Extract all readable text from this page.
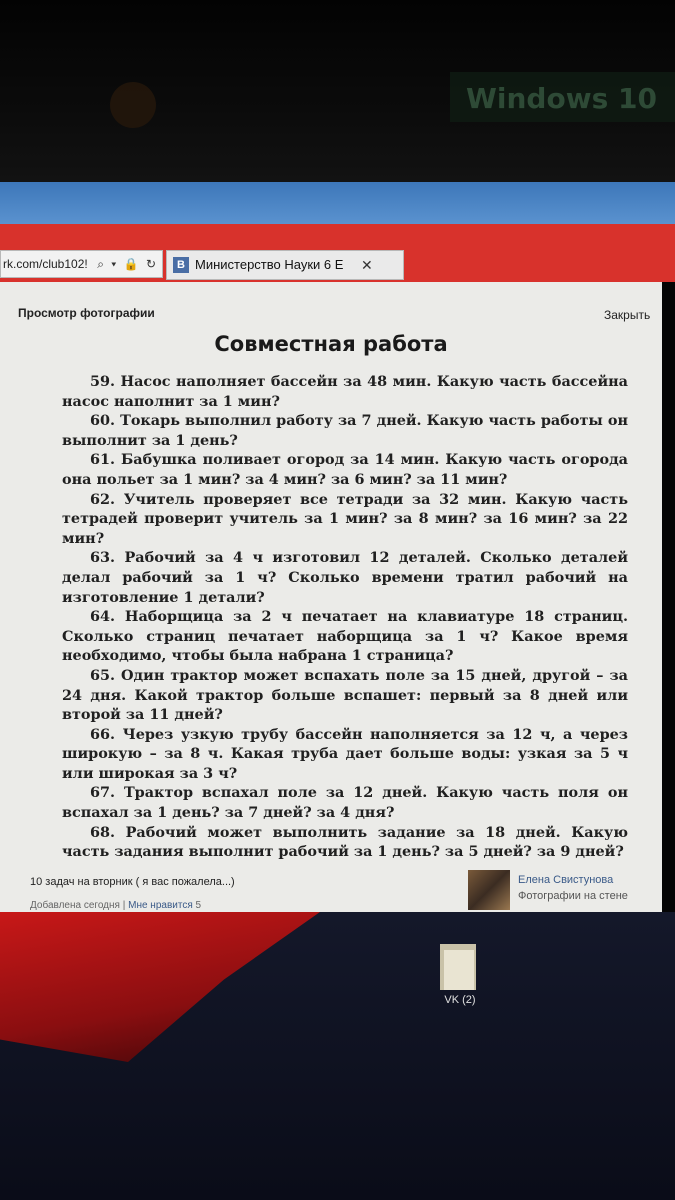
Windows 10
rk.com/club102! ⌕ ▾ 🔒 ↻	B Министерство Науки 6 Е ✕
Просмотр фотографии	Закрыть
Совместная работа
59. Насос наполняет бассейн за 48 мин. Какую часть бассейна насос наполнит за 1 мин?
60. Токарь выполнил работу за 7 дней. Какую часть работы он выполнит за 1 день?
61. Бабушка поливает огород за 14 мин. Какую часть огорода она польет за 1 мин? за 4 мин? за 6 мин? за 11 мин?
62. Учитель проверяет все тетради за 32 мин. Какую часть тетрадей проверит учитель за 1 мин? за 8 мин? за 16 мин? за 22 мин?
63. Рабочий за 4 ч изготовил 12 деталей. Сколько деталей делал рабочий за 1 ч? Сколько времени тратил рабочий на изготовление 1 детали?
64. Наборщица за 2 ч печатает на клавиатуре 18 страниц. Сколько страниц печатает наборщица за 1 ч? Какое время необходимо, чтобы была набрана 1 страница?
65. Один трактор может вспахать поле за 15 дней, другой – за 24 дня. Какой трактор больше вспашет: первый за 8 дней или второй за 11 дней?
66. Через узкую трубу бассейн наполняется за 12 ч, а через широкую – за 8 ч. Какая труба дает больше воды: узкая за 5 ч или широкая за 3 ч?
67. Трактор вспахал поле за 12 дней. Какую часть поля он вспахал за 1 день? за 7 дней? за 4 дня?
68. Рабочий может выполнить задание за 18 дней. Какую часть задания выполнит рабочий за 1 день? за 5 дней? за 9 дней?
10 задач на вторник ( я вас пожалела...)
Добавлена сегодня | Мне нравится 5
Елена Свистунова
Фотографии на стене
VK (2)
